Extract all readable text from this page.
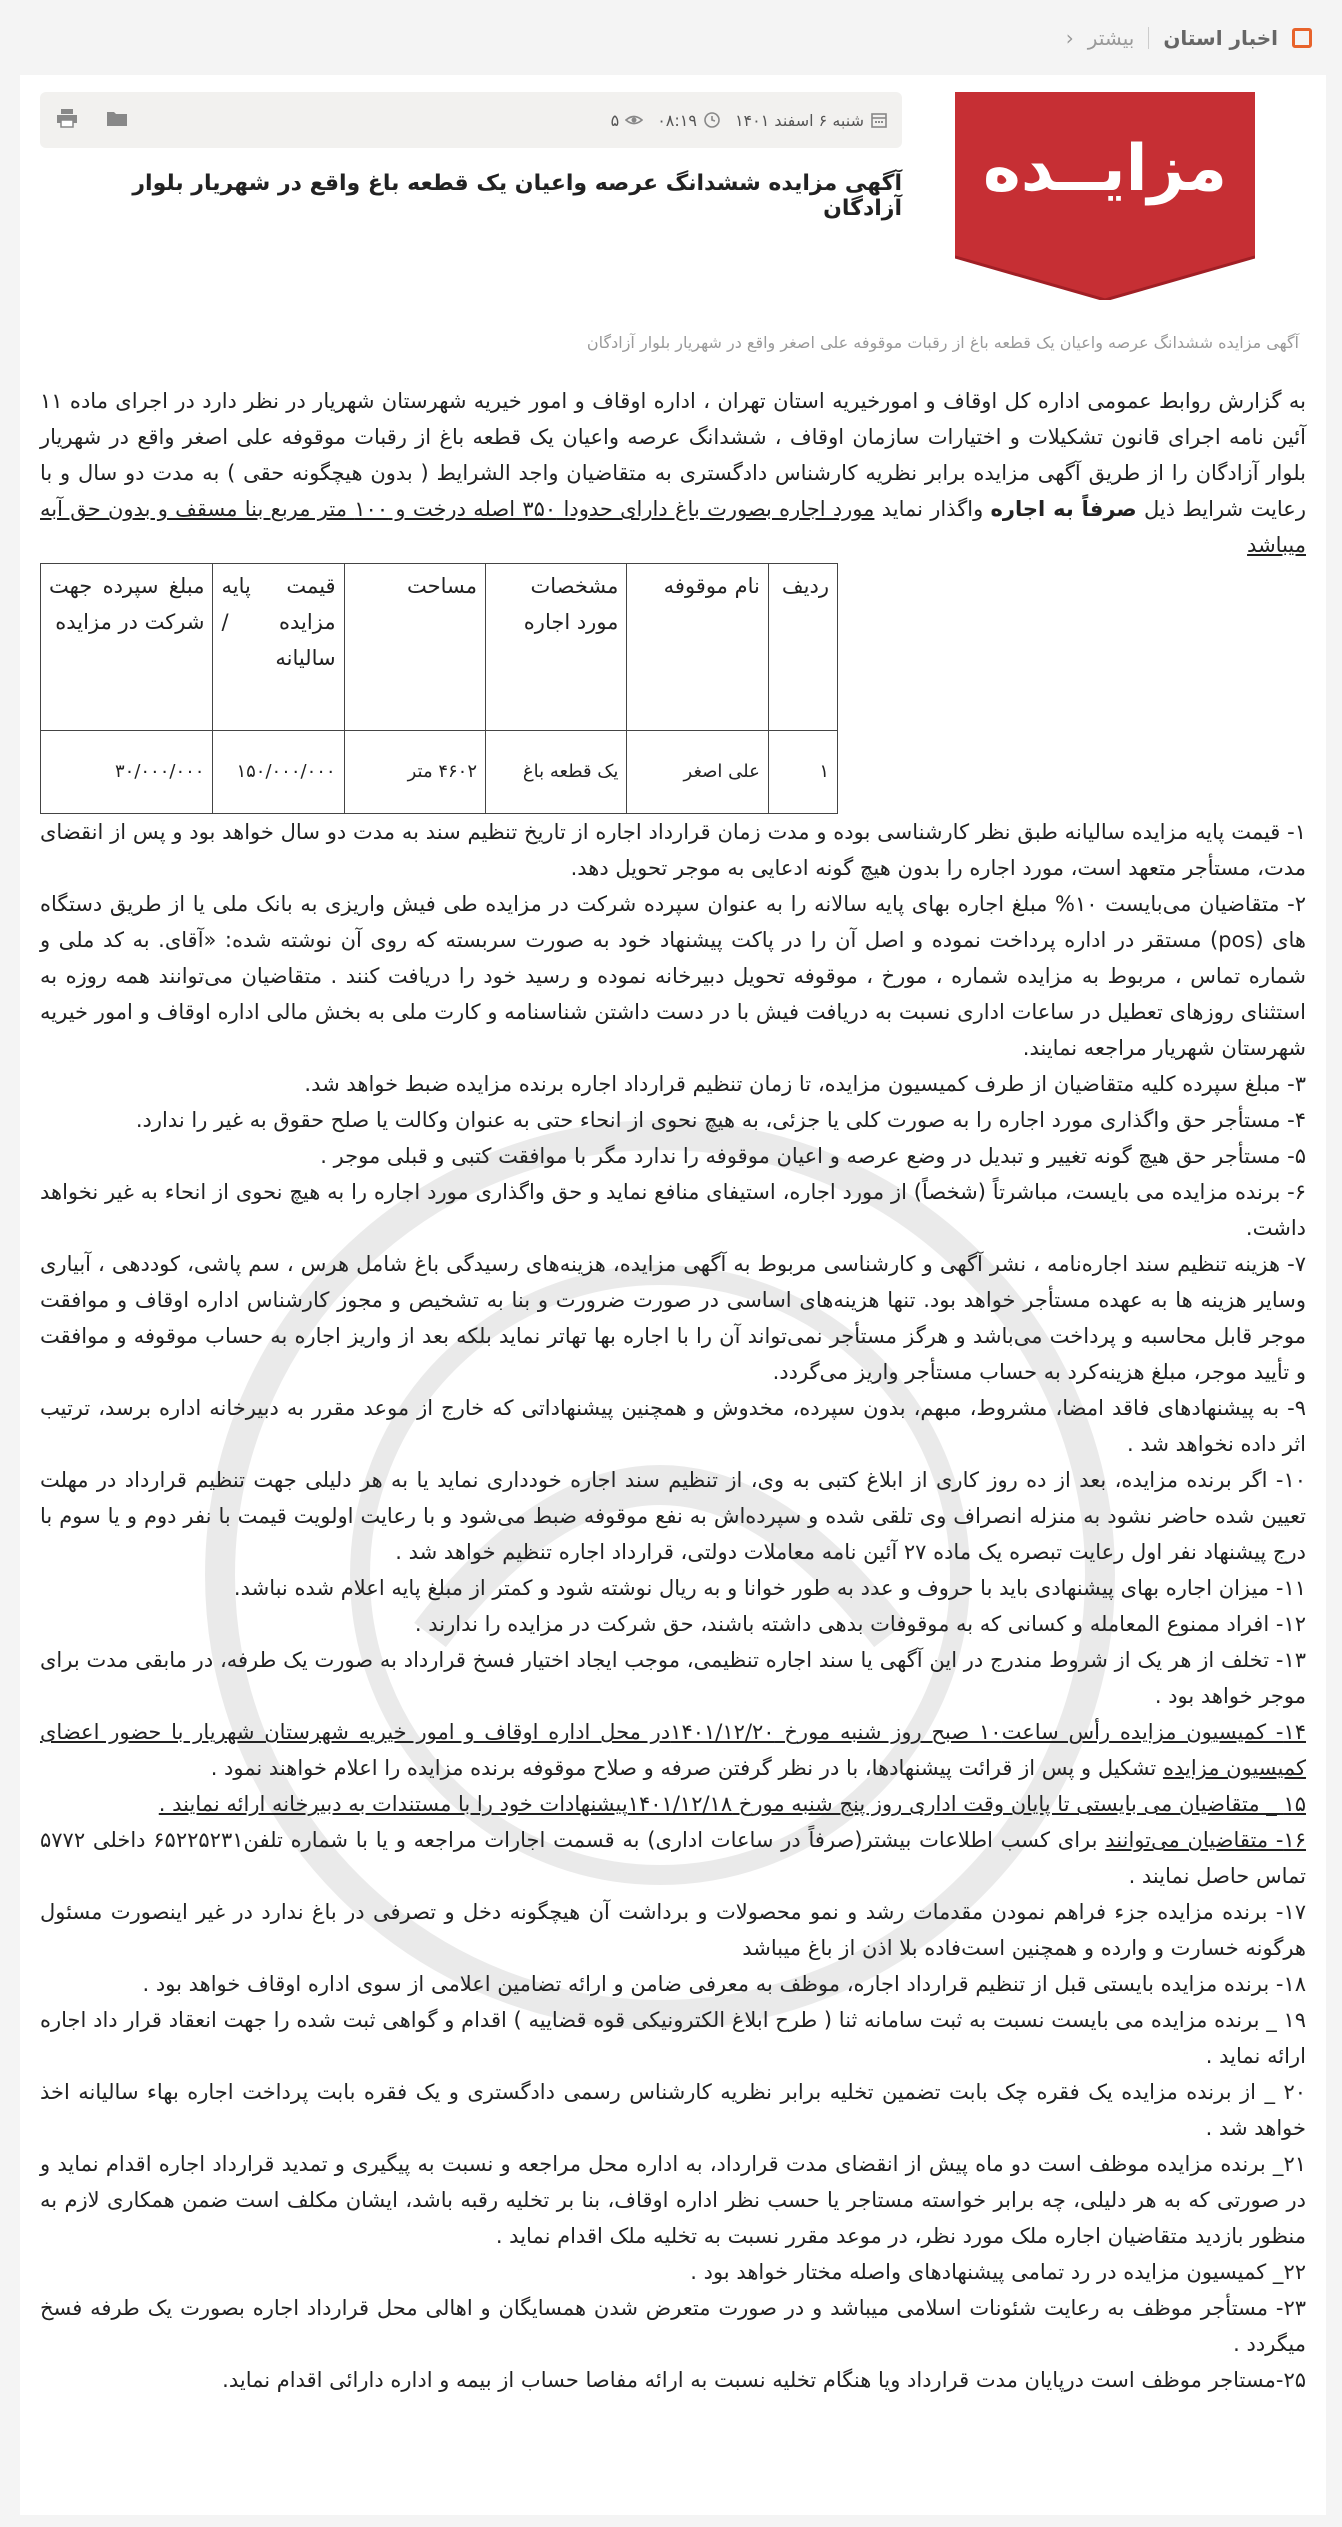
اخبار استان
بیشتر
‹
شنبه ۶ اسفند ۱۴۰۱
۰۸:۱۹
۵
مزایــده
آگهی مزایده ششدانگ عرصه واعیان یک قطعه باغ واقع در شهریار بلوار آزادگان
آگهی مزایده ششدانگ عرصه واعیان یک قطعه باغ از رقبات موقوفه علی اصغر واقع در شهریار بلوار آزادگان

به گزارش روابط عمومی اداره کل اوقاف و امورخیریه استان تهران ، اداره اوقاف و امور خیریه شهرستان شهریار در نظر دارد در اجرای ماده ۱۱ آئین نامه اجرای قانون تشکیلات و اختیارات سازمان اوقاف ، ششدانگ عرصه واعیان یک قطعه باغ از رقبات موقوفه علی اصغر واقع در شهریار بلوار آزادگان را از طریق آگهی مزایده برابر نظریه کارشناس دادگستری به متقاضیان واجد الشرایط ( بدون هیچگونه حقی ) به مدت دو سال و با رعایت شرایط ذیل صرفاً به اجاره واگذار نماید مورد اجاره بصورت باغ دارای حدودا ۳۵۰ اصله درخت و ۱۰۰ متر مربع بنا مسقف و بدون حق آبه میباشد

ردیف	نام موقوفه	مشخصات مورد اجاره	مساحت	قیمت پایه مزایده /سالیانه	مبلغ سپرده جهت شرکت در مزایده
۱	علی اصغر	یک قطعه باغ	۴۶۰۲ متر	۱۵۰/۰۰۰/۰۰۰	۳۰/۰۰۰/۰۰۰

۱- قیمت پایه مزایده سالیانه طبق نظر کارشناسی بوده و مدت زمان قرارداد اجاره از تاریخ تنظیم سند به مدت دو سال خواهد بود و پس از انقضای مدت، مستأجر متعهد است، مورد اجاره را بدون هیچ گونه ادعایی به موجر تحویل دهد.

۲- متقاضیان می‌بایست ۱۰% مبلغ اجاره بهای پایه سالانه را به عنوان سپرده شرکت در مزایده طی فیش واریزی به بانک ملی یا از طریق دستگاه های (pos) مستقر در اداره پرداخت نموده و اصل آن را در پاکت پیشنهاد خود به صورت سربسته که روی آن نوشته شده: «آقای. به کد ملی و شماره تماس ، مربوط به مزایده شماره ، مورخ ، موقوفه تحویل دبیرخانه نموده و رسید خود را دریافت کنند . متقاضیان می‌توانند همه روزه به استثنای روزهای تعطیل در ساعات اداری نسبت به دریافت فیش با در دست داشتن شناسنامه و کارت ملی به بخش مالی اداره اوقاف و امور خیریه شهرستان شهریار مراجعه نمایند.

۳- مبلغ سپرده کلیه متقاضیان از طرف کمیسیون مزایده، تا زمان تنظیم قرارداد اجاره برنده مزایده ضبط خواهد شد.

۴- مستأجر حق واگذاری مورد اجاره را به صورت کلی یا جزئی، به هیچ نحوی از انحاء حتی به عنوان وکالت یا صلح حقوق به غیر را ندارد.

۵- مستأجر حق هیچ گونه تغییر و تبدیل در وضع عرصه و اعیان موقوفه را ندارد مگر با موافقت کتبی و قبلی موجر .

۶- برنده مزایده می بایست، مباشرتاً (شخصاً) از مورد اجاره، استیفای منافع نماید و حق واگذاری مورد اجاره را به هیچ نحوی از انحاء به غیر نخواهد داشت.

۷- هزینه تنظیم سند اجاره‌نامه ، نشر آگهی و کارشناسی مربوط به آگهی مزایده، هزینه‌های رسیدگی باغ شامل هرس ، سم پاشی، کوددهی ، آبیاری وسایر هزینه ها به عهده مستأجر خواهد بود. تنها هزینه‌های اساسی در صورت ضرورت و بنا به تشخیص و مجوز کارشناس اداره اوقاف و موافقت موجر قابل محاسبه و پرداخت می‌باشد و هرگز مستأجر نمی‌تواند آن را با اجاره بها تهاتر نماید بلکه بعد از واریز اجاره به حساب موقوفه و موافقت و تأیید موجر، مبلغ هزینه‌کرد به حساب مستأجر واریز می‌گردد.

۹- به پیشنهادهای فاقد امضا، مشروط، مبهم، بدون سپرده، مخدوش و همچنین پیشنهاداتی که خارج از موعد مقرر به دبیرخانه اداره برسد، ترتیب اثر داده نخواهد شد .

۱۰- اگر برنده مزایده، بعد از ده روز کاری از ابلاغ کتبی به وی، از تنظیم سند اجاره خودداری نماید یا به هر دلیلی جهت تنظیم قرارداد در مهلت تعیین شده حاضر نشود به منزله انصراف وی تلقی شده و سپرده‌اش به نفع موقوفه ضبط می‌شود و با رعایت اولویت قیمت با نفر دوم و یا سوم با درج پیشنهاد نفر اول رعایت تبصره یک ماده ۲۷ آئین نامه معاملات دولتی، قرارداد اجاره تنظیم خواهد شد .

۱۱- میزان اجاره بهای پیشنهادی باید با حروف و عدد به طور خوانا و به ریال نوشته شود و کمتر از مبلغ پایه اعلام شده نباشد.

۱۲- افراد ممنوع المعامله و کسانی که به موقوفات بدهی داشته باشند، حق شرکت در مزایده را ندارند .

۱۳- تخلف از هر یک از شروط مندرج در این آگهی یا سند اجاره تنظیمی، موجب ایجاد اختیار فسخ قرارداد به صورت یک طرفه، در مابقی مدت برای موجر خواهد بود .

۱۴- کمیسیون مزایده رأس ساعت۱۰ صبح روز شنبه مورخ ۱۴۰۱/۱۲/۲۰در محل اداره اوقاف و امور خیریه شهرستان شهریار با حضور اعضای کمیسیون مزایده تشکیل و پس از قرائت پیشنهادها، با در نظر گرفتن صرفه و صلاح موقوفه برنده مزایده را اعلام خواهند نمود .

۱۵ _ متقاضیان می بایستی تا پایان وقت اداری روز پنج شنبه مورخ ۱۴۰۱/۱۲/۱۸پیشنهادات خود را با مستندات به دبیرخانه ارائه نمایند .

۱۶- متقاضیان می‌توانند برای کسب اطلاعات بیشتر(صرفاً در ساعات اداری) به قسمت اجارات مراجعه و یا با شماره تلفن۶۵۲۲۵۲۳۱ داخلی ۵۷۷۲ تماس حاصل نمایند .

۱۷- برنده مزایده جزء فراهم نمودن مقدمات رشد و نمو محصولات و برداشت آن هیچگونه دخل و تصرفی در باغ ندارد در غیر اینصورت مسئول هرگونه خسارت و وارده و همچنین است‌فاده بلا اذن از باغ میباشد

۱۸- برنده مزایده بایستی قبل از تنظیم قرارداد اجاره، موظف به معرفی ضامن و ارائه تضامین اعلامی از سوی اداره اوقاف خواهد بود .

۱۹ _ برنده مزایده می بایست نسبت به ثبت سامانه ثنا ( طرح ابلاغ الکترونیکی قوه قضاییه ) اقدام و گواهی ثبت شده را جهت انعقاد قرار داد اجاره ارائه نماید .

۲۰ _ از برنده مزایده یک فقره چک بابت تضمین تخلیه برابر نظریه کارشناس رسمی دادگستری و یک فقره بابت پرداخت اجاره بهاء سالیانه اخذ خواهد شد .

۲۱_ برنده مزایده موظف است دو ماه پیش از انقضای مدت قرارداد، به اداره محل مراجعه و نسبت به پیگیری و تمدید قرارداد اجاره اقدام نماید و در صورتی که به هر دلیلی، چه برابر خواسته مستاجر یا حسب نظر اداره اوقاف، بنا بر تخلیه رقبه باشد، ایشان مکلف است ضمن همکاری لازم به منظور بازدید متقاضیان اجاره ملک مورد نظر، در موعد مقرر نسبت به تخلیه ملک اقدام نماید .

۲۲_ کمیسیون مزایده در رد تمامی پیشنهادهای واصله مختار خواهد بود .

۲۳- مستأجر موظف به رعایت شئونات اسلامی میباشد و در صورت متعرض شدن همسایگان و اهالی محل قرارداد اجاره بصورت یک طرفه فسخ میگردد .

۲۵-مستاجر موظف است درپایان مدت قرارداد ویا هنگام تخلیه نسبت به ارائه مفاصا حساب از بیمه و اداره دارائی اقدام نماید.
